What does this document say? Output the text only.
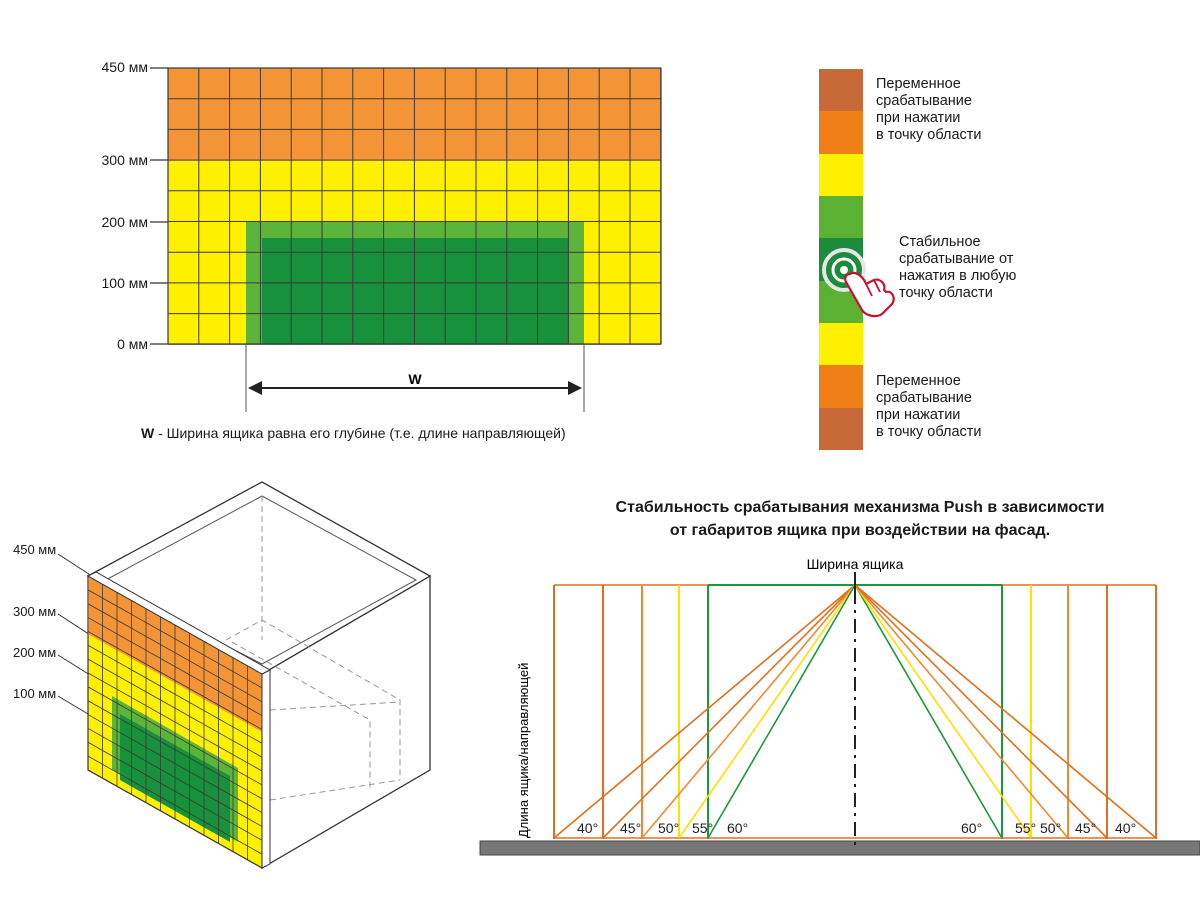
450 мм
300 мм
200 мм
100 мм
0 мм
W
W - Ширина ящика равна его глубине (т.е. длине направляющей)
Переменное
срабатывание
при нажатии
в точку области
Стабильное
срабатывание от
нажатия в любую
точку области
Переменное
срабатывание
при нажатии
в точку области
450 мм
300 мм
200 мм
100 мм
Стабильность срабатывания механизма Push в зависимости
от габаритов ящика при воздействии на фасад.
Ширина ящика
Длина ящика/направляющей	40° 45° 50° 55° 60°	60° 55° 50° 45° 40°
